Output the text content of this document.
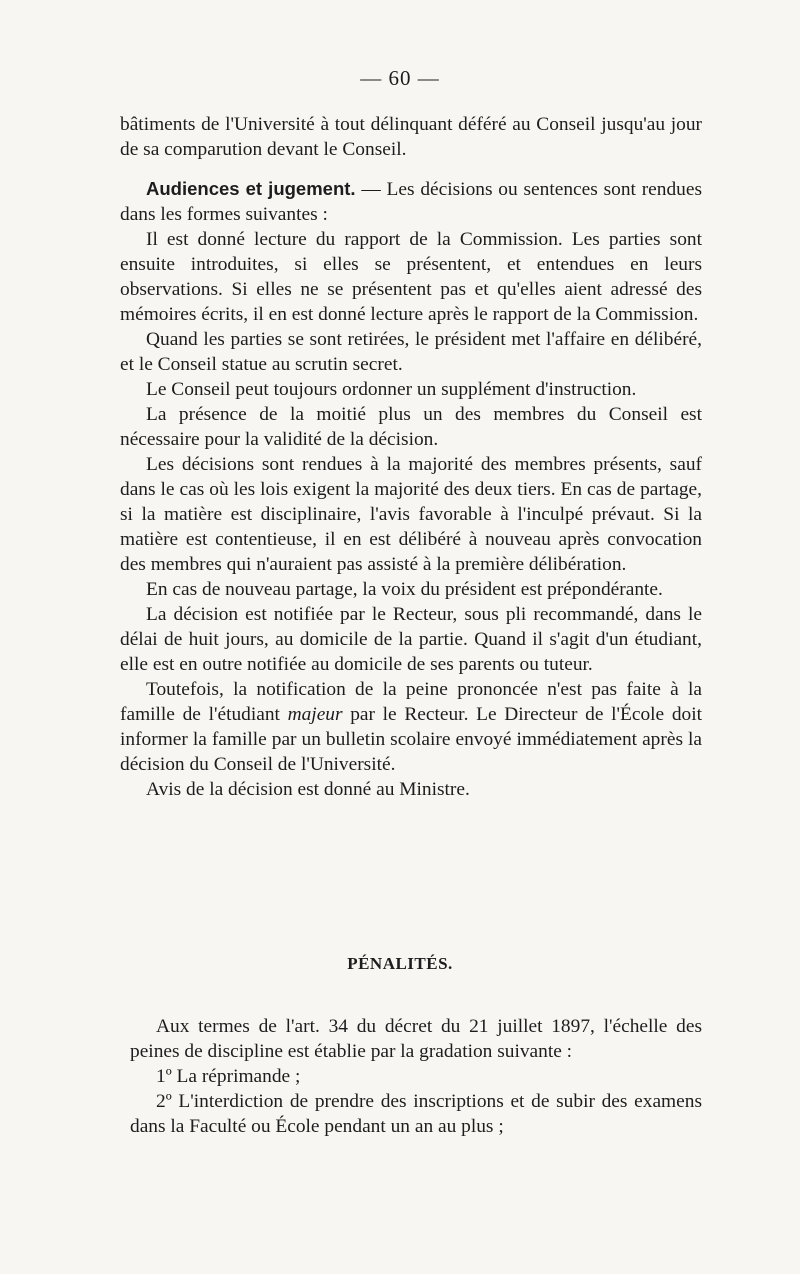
— 60 —

bâtiments de l'Université à tout délinquant déféré au Conseil jusqu'au jour de sa comparution devant le Conseil.

Audiences et jugement. — Les décisions ou sentences sont rendues dans les formes suivantes :

Il est donné lecture du rapport de la Commission. Les parties sont ensuite introduites, si elles se présentent, et entendues en leurs observations. Si elles ne se présentent pas et qu'elles aient adressé des mémoires écrits, il en est donné lecture après le rapport de la Commission.

Quand les parties se sont retirées, le président met l'affaire en délibéré, et le Conseil statue au scrutin secret.

Le Conseil peut toujours ordonner un supplément d'instruction.

La présence de la moitié plus un des membres du Conseil est nécessaire pour la validité de la décision.

Les décisions sont rendues à la majorité des membres présents, sauf dans le cas où les lois exigent la majorité des deux tiers. En cas de partage, si la matière est disciplinaire, l'avis favorable à l'inculpé prévaut. Si la matière est contentieuse, il en est délibéré à nouveau après convocation des membres qui n'auraient pas assisté à la première délibération.

En cas de nouveau partage, la voix du président est prépondérante.

La décision est notifiée par le Recteur, sous pli recommandé, dans le délai de huit jours, au domicile de la partie. Quand il s'agit d'un étudiant, elle est en outre notifiée au domicile de ses parents ou tuteur.

Toutefois, la notification de la peine prononcée n'est pas faite à la famille de l'étudiant majeur par le Recteur. Le Directeur de l'École doit informer la famille par un bulletin scolaire envoyé immédiatement après la décision du Conseil de l'Université.

Avis de la décision est donné au Ministre.

PÉNALITÉS.

Aux termes de l'art. 34 du décret du 21 juillet 1897, l'échelle des peines de discipline est établie par la gradation suivante :

1º La réprimande ;

2º L'interdiction de prendre des inscriptions et de subir des examens dans la Faculté ou École pendant un an au plus ;
